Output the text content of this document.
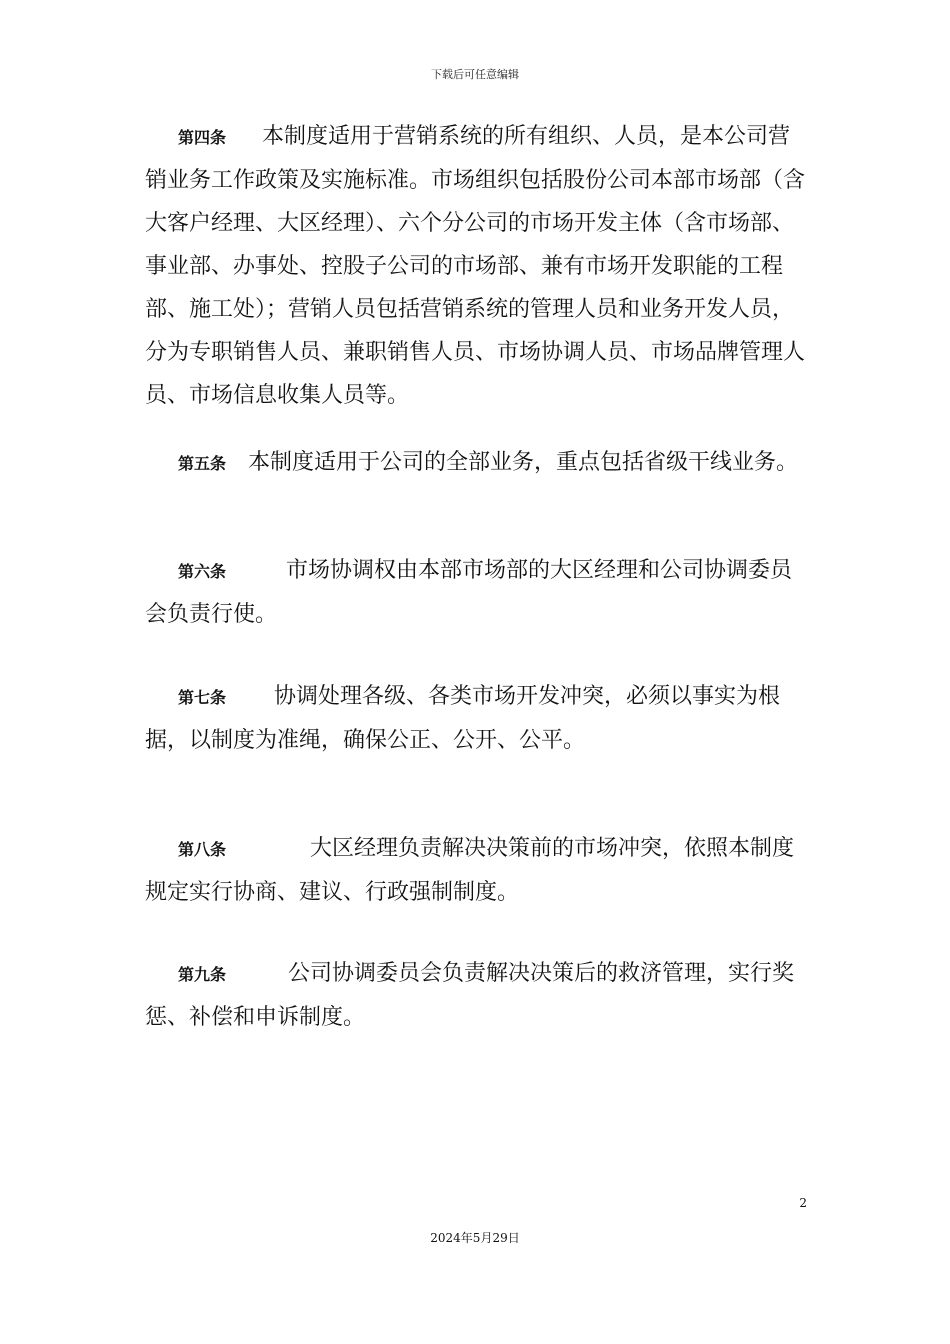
下载后可任意编辑
第四条 本制度适用于营销系统的所有组织、人员，是本公司营销业务工作政策及实施标准。市场组织包括股份公司本部市场部（含大客户经理、大区经理）、六个分公司的市场开发主体（含市场部、事业部、办事处、控股子公司的市场部、兼有市场开发职能的工程部、施工处）；营销人员包括营销系统的管理人员和业务开发人员，分为专职销售人员、兼职销售人员、市场协调人员、市场品牌管理人员、市场信息收集人员等。
第五条 本制度适用于公司的全部业务，重点包括省级干线业务。
第六条	市场协调权由本部市场部的大区经理和公司协调委员会负责行使。
第七条 协调处理各级、各类市场开发冲突，必须以事实为根据，以制度为准绳，确保公正、公开、公平。
第八条	大区经理负责解决决策前的市场冲突，依照本制度规定实行协商、建议、行政强制制度。
第九条	公司协调委员会负责解决决策后的救济管理，实行奖惩、补偿和申诉制度。
2
2024年5月29日
